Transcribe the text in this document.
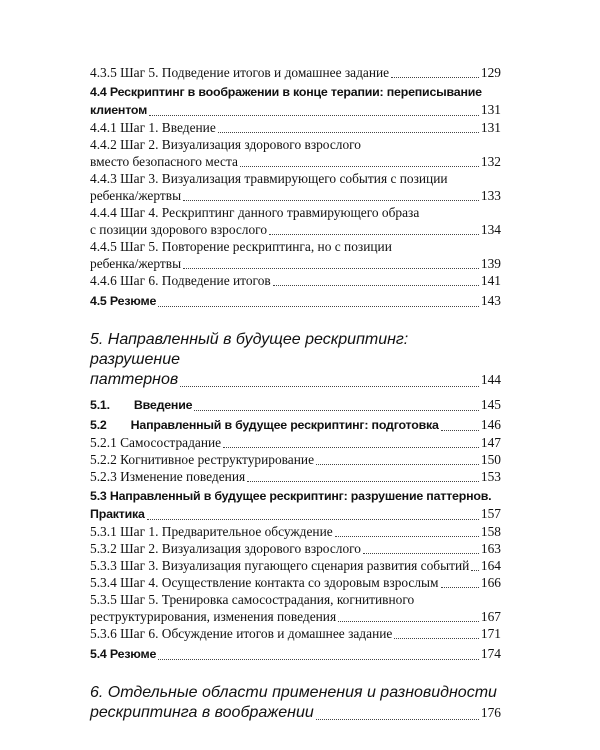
4.3.5 Шаг 5. Подведение итогов и домашнее задание	129
4.4 Рескриптинг в воображении в конце терапии: переписывание
клиентом	131
4.4.1 Шаг 1. Введение	131
4.4.2 Шаг 2. Визуализация здорового взрослого
вместо безопасного места	132
4.4.3 Шаг 3. Визуализация травмирующего события с позиции
ребенка/жертвы	133
4.4.4 Шаг 4. Рескриптинг данного травмирующего образа
с позиции здорового взрослого	134
4.4.5 Шаг 5. Повторение рескриптинга, но с позиции
ребенка/жертвы	139
4.4.6 Шаг 6. Подведение итогов	141
4.5 Резюме	143
5. Направленный в будущее рескриптинг: разрушение
паттернов	144
5.1. Введение	145
5.2 Направленный в будущее рескриптинг: подготовка	146
5.2.1 Самосострадание	147
5.2.2 Когнитивное реструктурирование	150
5.2.3 Изменение поведения	153
5.3 Направленный в будущее рескриптинг: разрушение паттернов.
Практика	157
5.3.1 Шаг 1. Предварительное обсуждение	158
5.3.2 Шаг 2. Визуализация здорового взрослого	163
5.3.3 Шаг 3. Визуализация пугающего сценария развития событий 164
5.3.4 Шаг 4. Осуществление контакта со здоровым взрослым	166
5.3.5 Шаг 5. Тренировка самосострадания, когнитивного
реструктурирования, изменения поведения	167
5.3.6 Шаг 6. Обсуждение итогов и домашнее задание	171
5.4 Резюме	174
6. Отдельные области применения и разновидности
рескриптинга в воображении	176
